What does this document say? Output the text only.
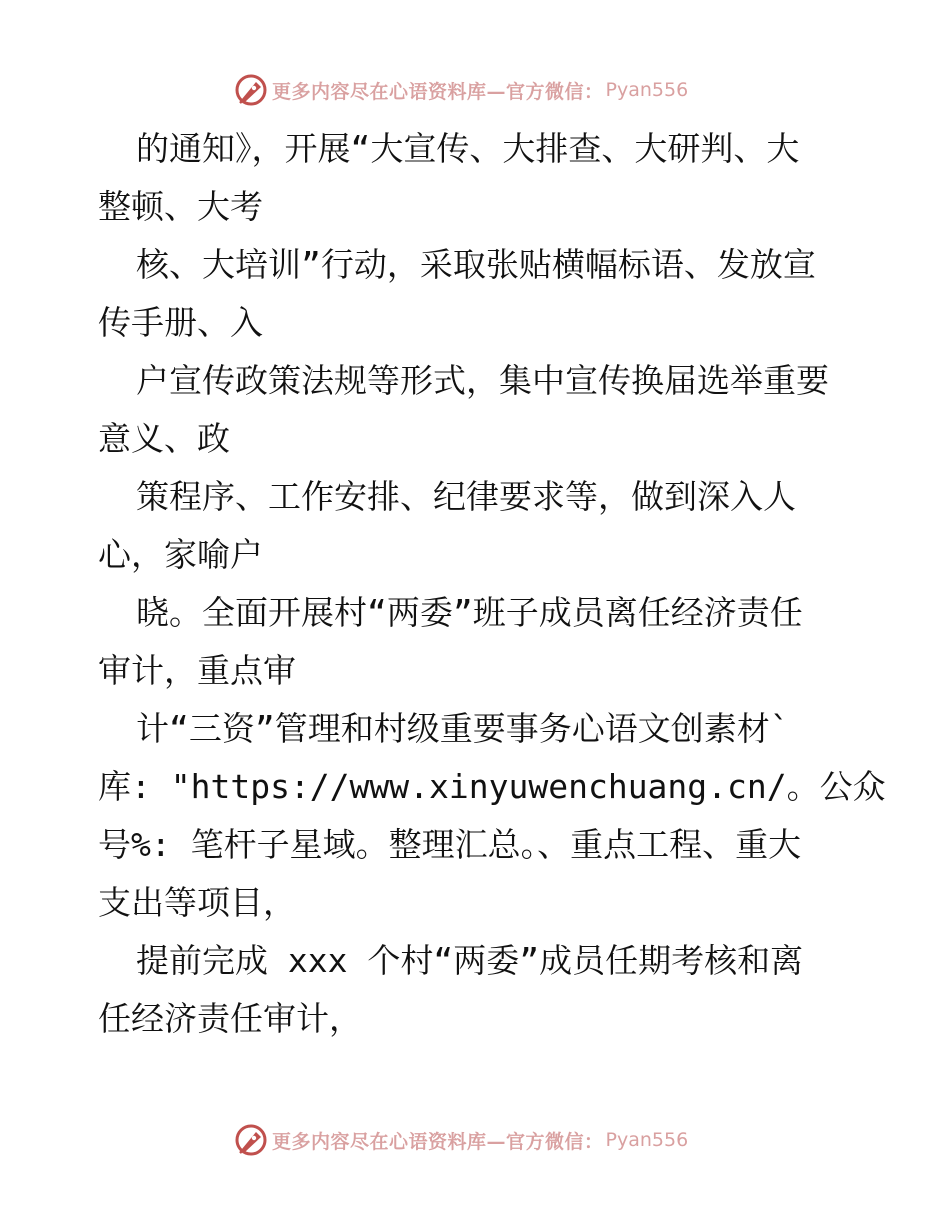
更多内容尽在心语资料库—官方微信： Pyan556
的通知》，开展“大宣传、大排查、大研判、大
整顿、大考
核、大培训”行动，采取张贴横幅标语、发放宣
传手册、入
户宣传政策法规等形式，集中宣传换届选举重要
意义、政
策程序、工作安排、纪律要求等，做到深入人
心，家喻户
晓。全面开展村“两委”班子成员离任经济责任
审计，重点审
计“三资”管理和村级重要事务心语文创素材`
库: "https://www.xinyuwenchuang.cn/。公众
号%: 笔杆子星域。整理汇总。、重点工程、重大
支出等项目，
提前完成 xxx 个村“两委”成员任期考核和离
任经济责任审计，
更多内容尽在心语资料库—官方微信： Pyan556
